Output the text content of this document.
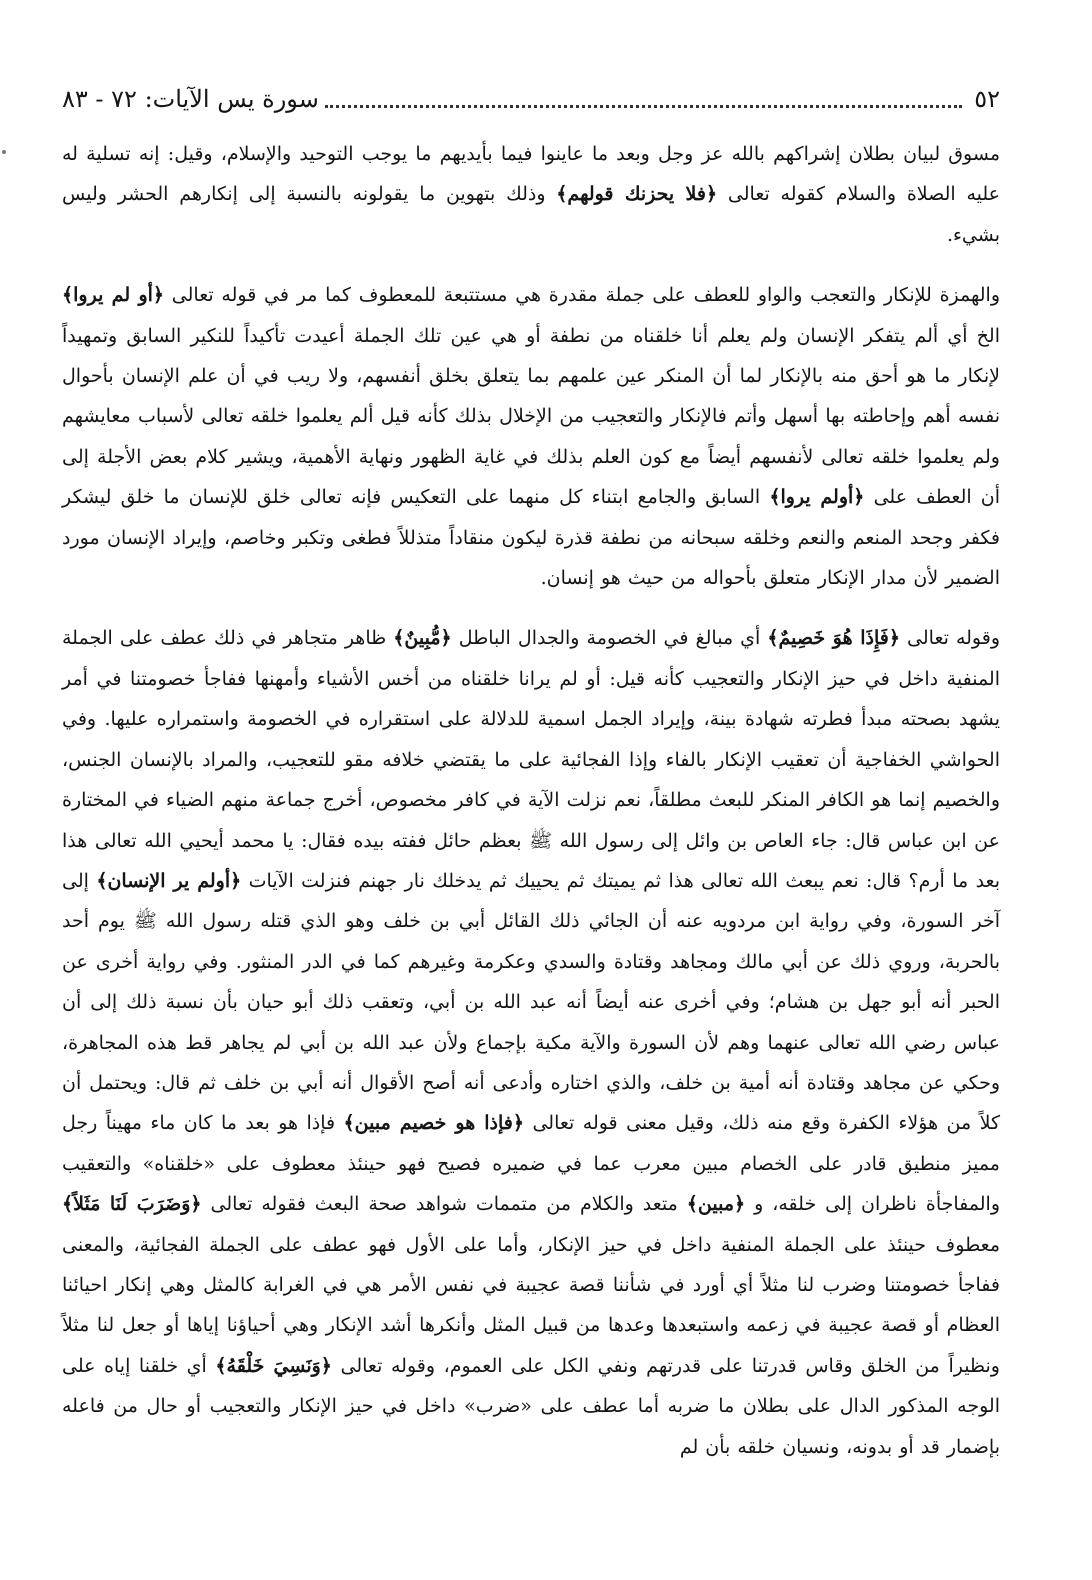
٥٢
سورة يس الآيات: ٧٢ - ٨٣

مسوق لبيان بطلان إشراكهم بالله عز وجل وبعد ما عاينوا فيما بأيديهم ما يوجب التوحيد والإسلام، وقيل: إنه تسلية له عليه الصلاة والسلام كقوله تعالى ﴿فلا يحزنك قولهم﴾ وذلك بتهوين ما يقولونه بالنسبة إلى إنكارهم الحشر وليس بشيء.

والهمزة للإنكار والتعجب والواو للعطف على جملة مقدرة هي مستتبعة للمعطوف كما مر في قوله تعالى ﴿أو لم يروا﴾ الخ أي ألم يتفكر الإنسان ولم يعلم أنا خلقناه من نطفة أو هي عين تلك الجملة أعيدت تأكيداً للنكير السابق وتمهيداً لإنكار ما هو أحق منه بالإنكار لما أن المنكر عين علمهم بما يتعلق بخلق أنفسهم، ولا ريب في أن علم الإنسان بأحوال نفسه أهم وإحاطته بها أسهل وأتم فالإنكار والتعجيب من الإخلال بذلك كأنه قيل ألم يعلموا خلقه تعالى لأسباب معايشهم ولم يعلموا خلقه تعالى لأنفسهم أيضاً مع كون العلم بذلك في غاية الظهور ونهاية الأهمية، ويشير كلام بعض الأجلة إلى أن العطف على ﴿أولم يروا﴾ السابق والجامع ابتناء كل منهما على التعكيس فإنه تعالى خلق للإنسان ما خلق ليشكر فكفر وجحد المنعم والنعم وخلقه سبحانه من نطفة قذرة ليكون منقاداً متذللاً فطغى وتكبر وخاصم، وإيراد الإنسان مورد الضمير لأن مدار الإنكار متعلق بأحواله من حيث هو إنسان.

وقوله تعالى ﴿فَإِذَا هُوَ خَصِيمٌ﴾ أي مبالغ في الخصومة والجدال الباطل ﴿مُّبِينٌ﴾ ظاهر متجاهر في ذلك عطف على الجملة المنفية داخل في حيز الإنكار والتعجيب كأنه قيل: أو لم يرانا خلقناه من أخس الأشياء وأمهنها ففاجأ خصومتنا في أمر يشهد بصحته مبدأ فطرته شهادة بينة، وإيراد الجمل اسمية للدلالة على استقراره في الخصومة واستمراره عليها. وفي الحواشي الخفاجية أن تعقيب الإنكار بالفاء وإذا الفجائية على ما يقتضي خلافه مقو للتعجيب، والمراد بالإنسان الجنس، والخصيم إنما هو الكافر المنكر للبعث مطلقاً، نعم نزلت الآية في كافر مخصوص، أخرج جماعة منهم الضياء في المختارة عن ابن عباس قال: جاء العاص بن وائل إلى رسول الله ﷺ بعظم حائل ففته بيده فقال: يا محمد أيحيي الله تعالى هذا بعد ما أرم؟ قال: نعم يبعث الله تعالى هذا ثم يميتك ثم يحييك ثم يدخلك نار جهنم فنزلت الآيات ﴿أولم ير الإنسان﴾ إلى آخر السورة، وفي رواية ابن مردويه عنه أن الجائي ذلك القائل أبي بن خلف وهو الذي قتله رسول الله ﷺ يوم أحد بالحربة، وروي ذلك عن أبي مالك ومجاهد وقتادة والسدي وعكرمة وغيرهم كما في الدر المنثور. وفي رواية أخرى عن الحبر أنه أبو جهل بن هشام؛ وفي أخرى عنه أيضاً أنه عبد الله بن أبي، وتعقب ذلك أبو حيان بأن نسبة ذلك إلى أن عباس رضي الله تعالى عنهما وهم لأن السورة والآية مكية بإجماع ولأن عبد الله بن أبي لم يجاهر قط هذه المجاهرة، وحكي عن مجاهد وقتادة أنه أمية بن خلف، والذي اختاره وأدعى أنه أصح الأقوال أنه أبي بن خلف ثم قال: ويحتمل أن كلاً من هؤلاء الكفرة وقع منه ذلك، وقيل معنى قوله تعالى ﴿فإذا هو خصيم مبين﴾ فإذا هو بعد ما كان ماء مهيناً رجل مميز منطيق قادر على الخصام مبين معرب عما في ضميره فصيح فهو حينئذ معطوف على «خلقناه» والتعقيب والمفاجأة ناظران إلى خلقه، و ﴿مبين﴾ متعد والكلام من متممات شواهد صحة البعث فقوله تعالى ﴿وَضَرَبَ لَنَا مَثَلاً﴾ معطوف حينئذ على الجملة المنفية داخل في حيز الإنكار، وأما على الأول فهو عطف على الجملة الفجائية، والمعنى ففاجأ خصومتنا وضرب لنا مثلاً أي أورد في شأننا قصة عجيبة في نفس الأمر هي في الغرابة كالمثل وهي إنكار احيائنا العظام أو قصة عجيبة في زعمه واستبعدها وعدها من قبيل المثل وأنكرها أشد الإنكار وهي أحياؤنا إياها أو جعل لنا مثلاً ونظيراً من الخلق وقاس قدرتنا على قدرتهم ونفي الكل على العموم، وقوله تعالى ﴿وَنَسِيَ خَلْقَهُ﴾ أي خلقنا إياه على الوجه المذكور الدال على بطلان ما ضربه أما عطف على «ضرب» داخل في حيز الإنكار والتعجيب أو حال من فاعله بإضمار قد أو بدونه، ونسيان خلقه بأن لم
